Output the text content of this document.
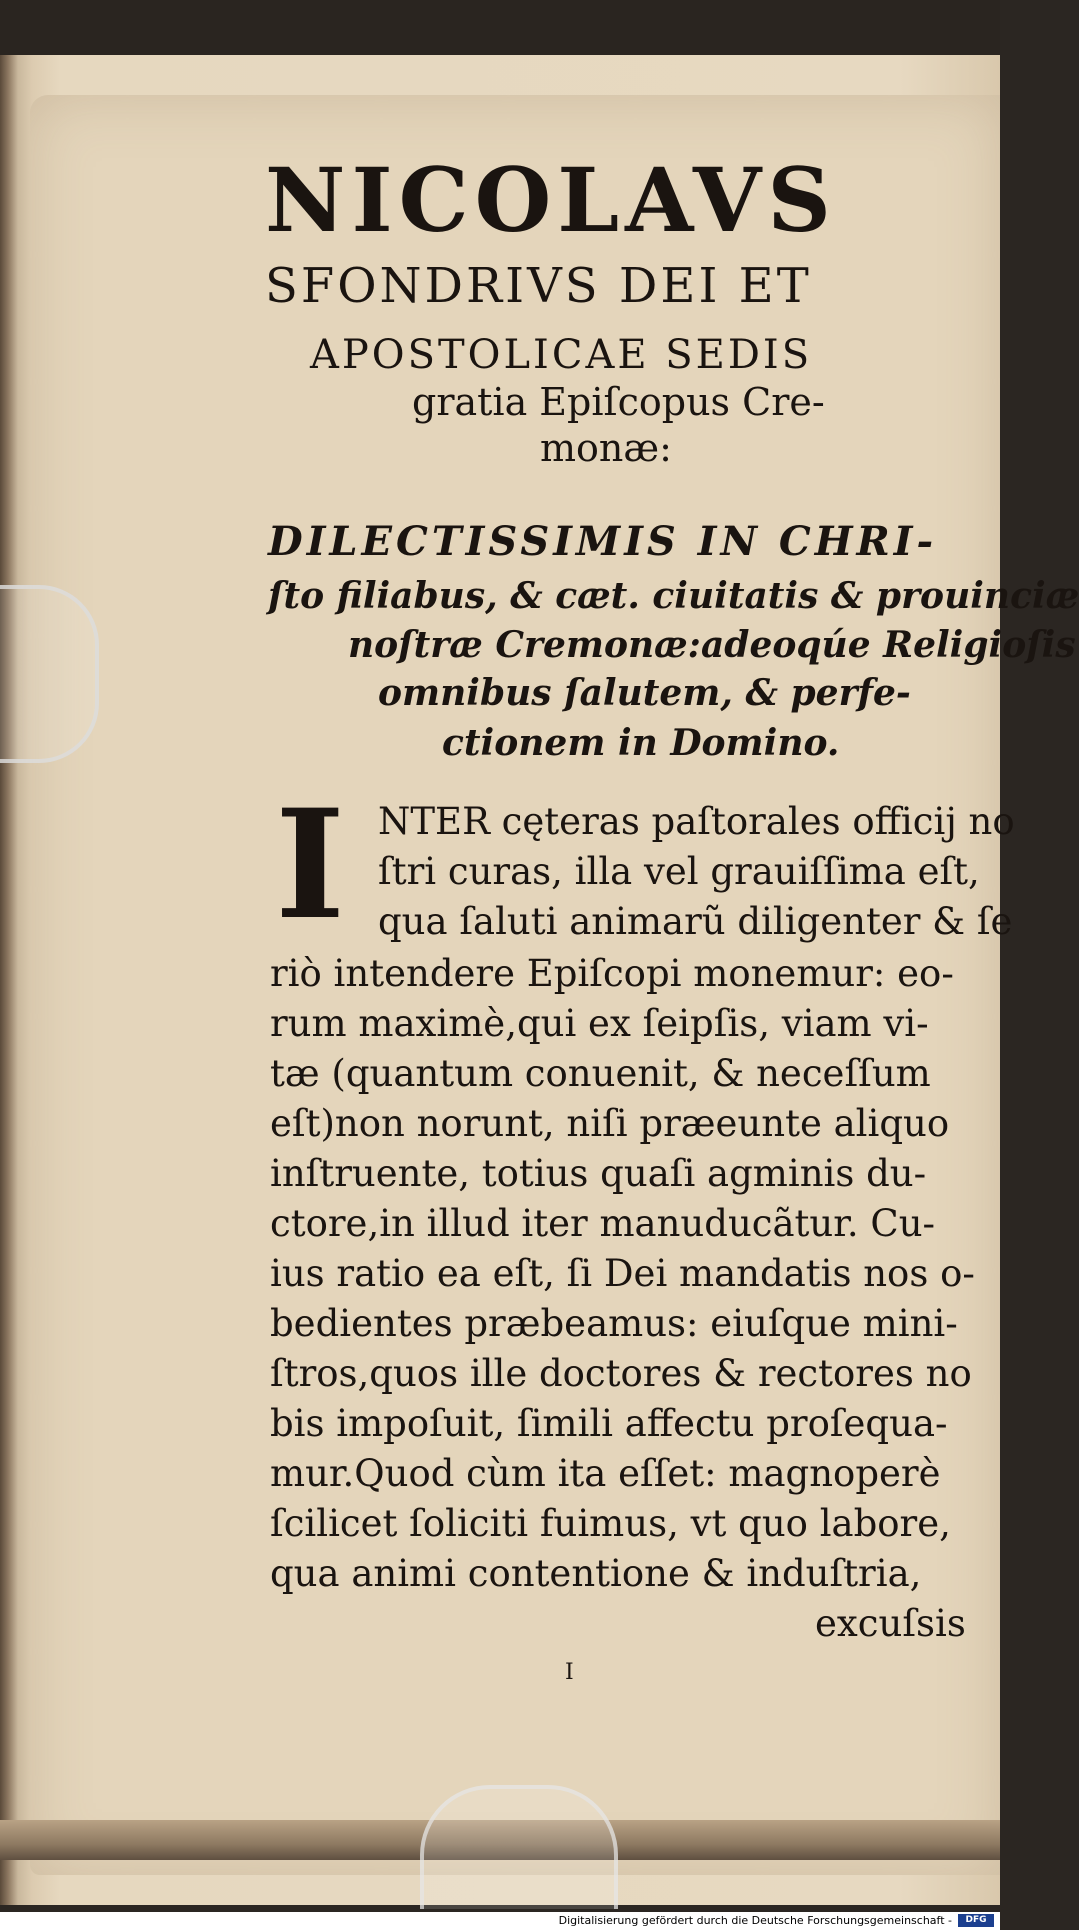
NICOLAVS
SFONDRIVS DEI ET
APOSTOLICAE SEDIS
gratia Epiſcopus Cre-
monæ:
DILECTISSIMIS IN CHRI-
ſto filiabus, & cæt. ciuitatis & prouinciæ
noſtræ Cremonæ:adeoqúe Religioſis
omnibus ſalutem, & perfe-
ctionem in Domino.
I NTER cęteras paſtorales officij no
ſtri curas, illa vel grauiſſima eſt,
qua ſaluti animarũ diligenter & ſe
riò intendere Epiſcopi monemur: eo-
rum maximè,qui ex ſeipſis, viam vi-
tæ (quantum conuenit, & neceſſum
eſt)non norunt, niſi præeunte aliquo
inſtruente, totius quaſi agminis du-
ctore,in illud iter manuducãtur. Cu-
ius ratio ea eſt, ſi Dei mandatis nos o-
bedientes præbeamus: eiuſque mini-
ſtros,quos ille doctores & rectores no
bis impoſuit, ſimili affectu proſequa-
mur.Quod cùm ita eſſet: magnoperè
ſcilicet ſoliciti fuimus, vt quo labore,
qua animi contentione & induſtria,
excuſsis
I
Digitalisierung gefördert durch die Deutsche Forschungsgemeinschaft -	DFG
